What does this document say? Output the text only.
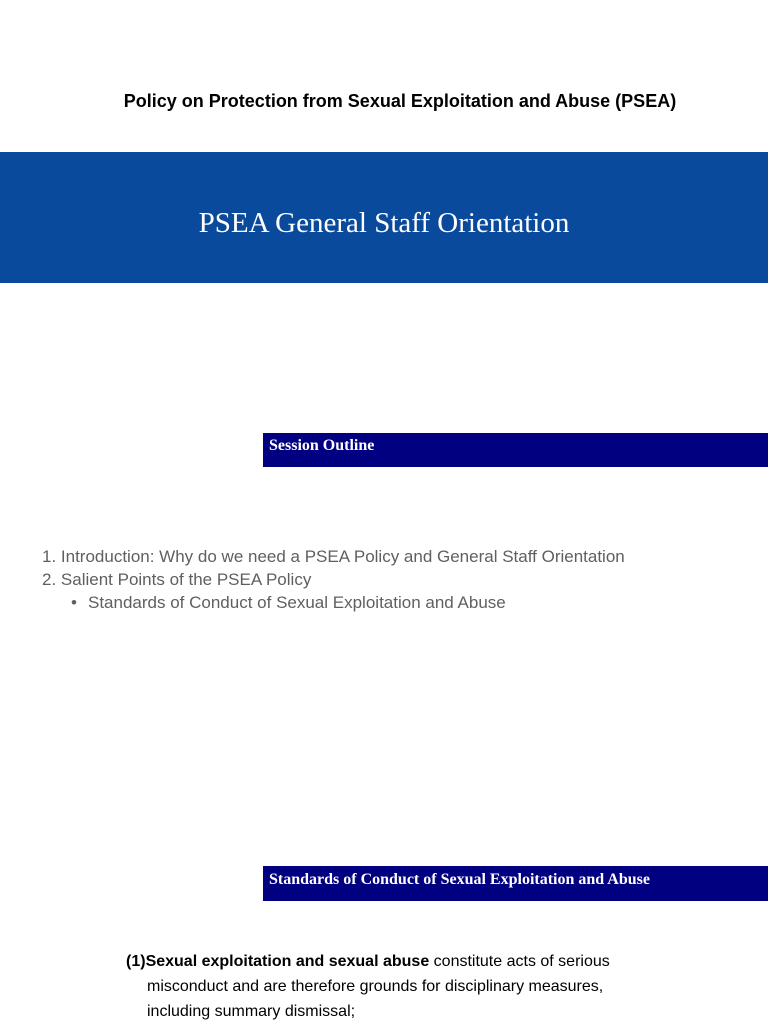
Policy on Protection from Sexual Exploitation and Abuse (PSEA)
PSEA General Staff Orientation
Session Outline
1. Introduction: Why do we need a PSEA Policy and General Staff Orientation
2. Salient Points of the PSEA Policy
• Standards of Conduct of Sexual Exploitation and Abuse
Standards of Conduct of Sexual Exploitation and Abuse
(1)Sexual exploitation and sexual abuse constitute acts of serious
misconduct and are therefore grounds for disciplinary measures,
including summary dismissal;
